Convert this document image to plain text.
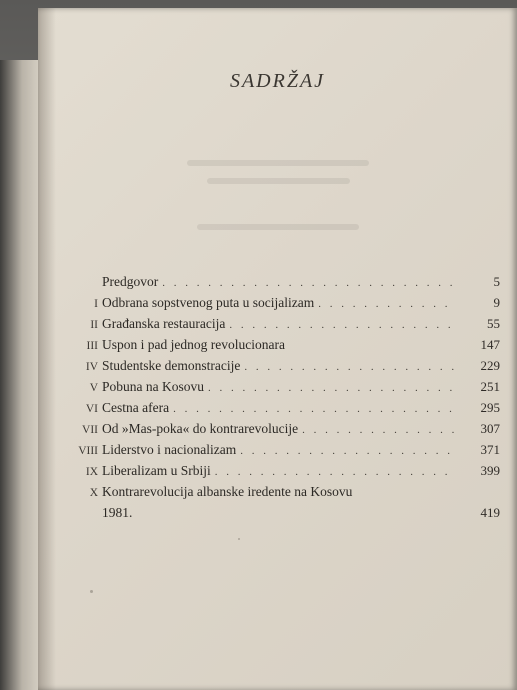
SADRŽAJ
Predgovor . . .	5
I Odbrana sopstvenog puta u socijalizam . . .	9
II Građanska restauracija . . .	55
III Uspon i pad jednog revolucionara	147
IV Studentske demonstracije . . .	229
V Pobuna na Kosovu . . .	251
VI Cestna afera . . .	295
VII Od »Mas-poka« do kontrarevolucije . . .	307
VIII Liderstvo i nacionalizam . . .	371
IX Liberalizam u Srbiji . . .	399
X Kontrarevolucija albanske iredente na Kosovu
1981.	419
